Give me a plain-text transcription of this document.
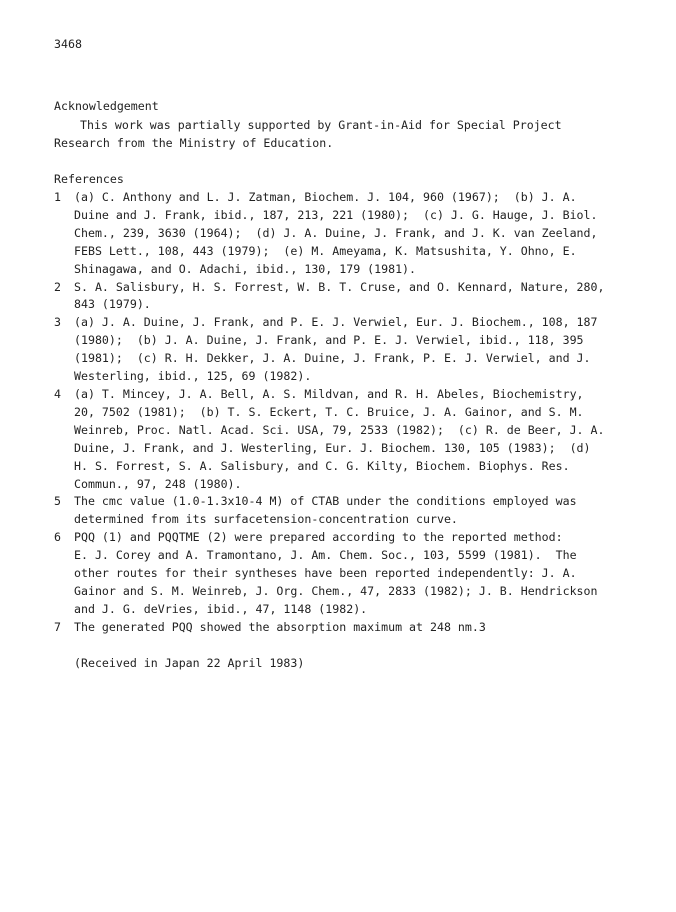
3468
Acknowledgement
This work was partially supported by Grant-in-Aid for Special Project
Research from the Ministry of Education.
References
1	(a) C. Anthony and L. J. Zatman, Biochem. J. 104, 960 (1967);  (b) J. A.
Duine and J. Frank, ibid., 187, 213, 221 (1980);  (c) J. G. Hauge, J. Biol.
Chem., 239, 3630 (1964);  (d) J. A. Duine, J. Frank, and J. K. van Zeeland,
FEBS Lett., 108, 443 (1979);  (e) M. Ameyama, K. Matsushita, Y. Ohno, E.
Shinagawa, and O. Adachi, ibid., 130, 179 (1981).
2	S. A. Salisbury, H. S. Forrest, W. B. T. Cruse, and O. Kennard, Nature, 280,
843 (1979).
3	(a) J. A. Duine, J. Frank, and P. E. J. Verwiel, Eur. J. Biochem., 108, 187
(1980);  (b) J. A. Duine, J. Frank, and P. E. J. Verwiel, ibid., 118, 395
(1981);  (c) R. H. Dekker, J. A. Duine, J. Frank, P. E. J. Verwiel, and J.
Westerling, ibid., 125, 69 (1982).
4	(a) T. Mincey, J. A. Bell, A. S. Mildvan, and R. H. Abeles, Biochemistry,
20, 7502 (1981);  (b) T. S. Eckert, T. C. Bruice, J. A. Gainor, and S. M.
Weinreb, Proc. Natl. Acad. Sci. USA, 79, 2533 (1982);  (c) R. de Beer, J. A.
Duine, J. Frank, and J. Westerling, Eur. J. Biochem. 130, 105 (1983);  (d)
H. S. Forrest, S. A. Salisbury, and C. G. Kilty, Biochem. Biophys. Res.
Commun., 97, 248 (1980).
5	The cmc value (1.0-1.3x10-4 M) of CTAB under the conditions employed was
determined from its surfacetension-concentration curve.
6	PQQ (1) and PQQTME (2) were prepared according to the reported method:
E. J. Corey and A. Tramontano, J. Am. Chem. Soc., 103, 5599 (1981).  The
other routes for their syntheses have been reported independently: J. A.
Gainor and S. M. Weinreb, J. Org. Chem., 47, 2833 (1982); J. B. Hendrickson
and J. G. deVries, ibid., 47, 1148 (1982).
7	The generated PQQ showed the absorption maximum at 248 nm.3
(Received in Japan 22 April 1983)
